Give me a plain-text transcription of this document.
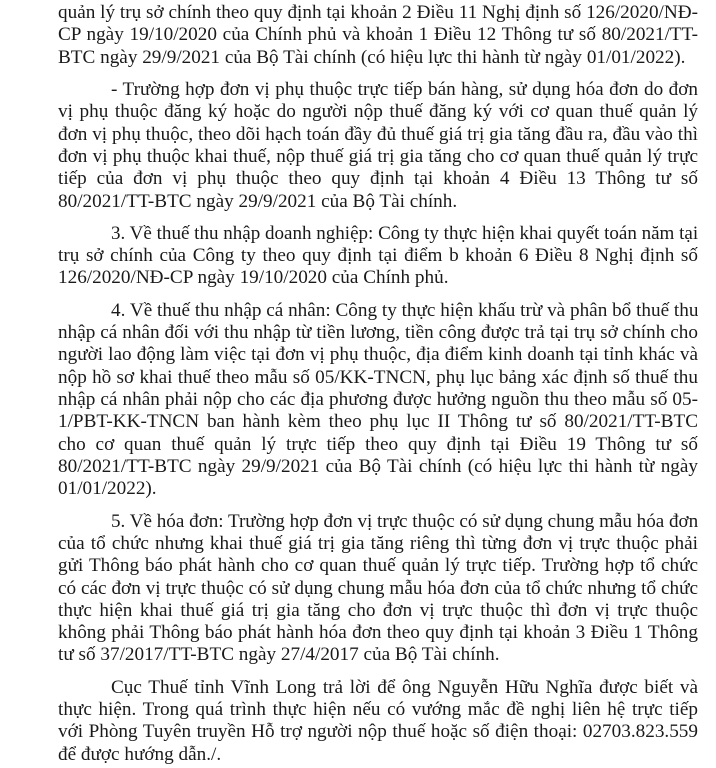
quản lý trụ sở chính theo quy định tại khoản 2 Điều 11 Nghị định số 126/2020/NĐ-
CP ngày 19/10/2020 của Chính phủ và khoản 1 Điều 12 Thông tư số 80/2021/TT-
BTC ngày 29/9/2021 của Bộ Tài chính (có hiệu lực thi hành từ ngày 01/01/2022).
- Trường hợp đơn vị phụ thuộc trực tiếp bán hàng, sử dụng hóa đơn do đơn
vị phụ thuộc đăng ký hoặc do người nộp thuế đăng ký với cơ quan thuế quản lý
đơn vị phụ thuộc, theo dõi hạch toán đầy đủ thuế giá trị gia tăng đầu ra, đầu vào thì
đơn vị phụ thuộc khai thuế, nộp thuế giá trị gia tăng cho cơ quan thuế quản lý trực
tiếp của đơn vị phụ thuộc theo quy định tại khoản 4 Điều 13 Thông tư số
80/2021/TT-BTC ngày 29/9/2021 của Bộ Tài chính.
3. Về thuế thu nhập doanh nghiệp: Công ty thực hiện khai quyết toán năm tại
trụ sở chính của Công ty theo quy định tại điểm b khoản 6 Điều 8 Nghị định số
126/2020/NĐ-CP ngày 19/10/2020 của Chính phủ.
4. Về thuế thu nhập cá nhân: Công ty thực hiện khấu trừ và phân bổ thuế thu
nhập cá nhân đối với thu nhập từ tiền lương, tiền công được trả tại trụ sở chính cho
người lao động làm việc tại đơn vị phụ thuộc, địa điểm kinh doanh tại tỉnh khác và
nộp hồ sơ khai thuế theo mẫu số 05/KK-TNCN, phụ lục bảng xác định số thuế thu
nhập cá nhân phải nộp cho các địa phương được hưởng nguồn thu theo mẫu số 05-
1/PBT-KK-TNCN ban hành kèm theo phụ lục II Thông tư số 80/2021/TT-BTC
cho cơ quan thuế quản lý trực tiếp theo quy định tại Điều 19 Thông tư số
80/2021/TT-BTC ngày 29/9/2021 của Bộ Tài chính (có hiệu lực thi hành từ ngày
01/01/2022).
5. Về hóa đơn: Trường hợp đơn vị trực thuộc có sử dụng chung mẫu hóa đơn
của tổ chức nhưng khai thuế giá trị gia tăng riêng thì từng đơn vị trực thuộc phải
gửi Thông báo phát hành cho cơ quan thuế quản lý trực tiếp. Trường hợp tổ chức
có các đơn vị trực thuộc có sử dụng chung mẫu hóa đơn của tổ chức nhưng tổ chức
thực hiện khai thuế giá trị gia tăng cho đơn vị trực thuộc thì đơn vị trực thuộc
không phải Thông báo phát hành hóa đơn theo quy định tại khoản 3 Điều 1 Thông
tư số 37/2017/TT-BTC ngày 27/4/2017 của Bộ Tài chính.
Cục Thuế tỉnh Vĩnh Long trả lời để ông Nguyễn Hữu Nghĩa được biết và
thực hiện. Trong quá trình thực hiện nếu có vướng mắc đề nghị liên hệ trực tiếp
với Phòng Tuyên truyền Hỗ trợ người nộp thuế hoặc số điện thoại: 02703.823.559
để được hướng dẫn./.
